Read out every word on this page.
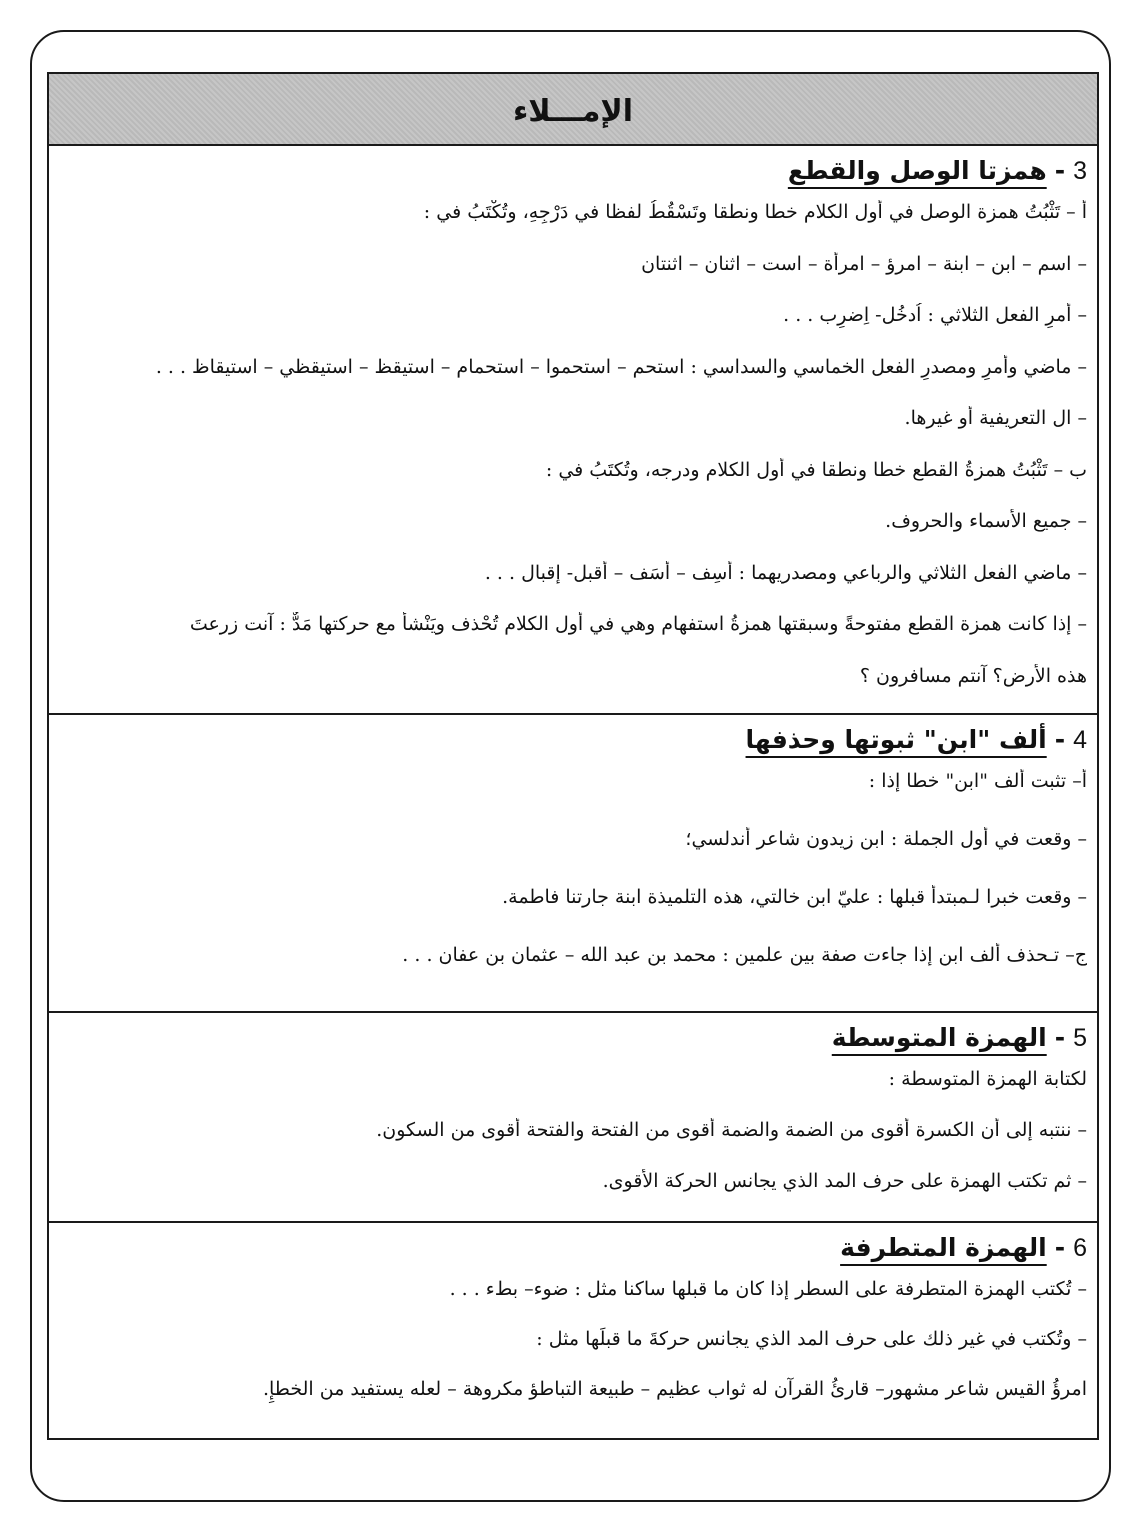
الإمـــلاء
3
-
همزتا الوصل والقطع
أ – تَثْبُتُ همزة الوصل في أول الكلام خطا ونطقا وتَسْقُطُ لفظا في دَرْجِهِ، وتُكْتَبُ في :
– اسم – ابن – ابنة – امرؤ – امرأة – است – اثنان – اثنتان
– أمرِ الفعل الثلاثي : اُدخُل- اِضرِب . . .
– ماضي وأمرِ ومصدرِ الفعل الخماسي والسداسي : استحم – استحموا – استحمام – استيقظ – استيقظي – استيقاظ . . .
– ال التعريفية أو غيرها.
ب – تَثْبُتُ همزةُ القطع خطا ونطقا في أول الكلام ودرجه، وتُكتَبُ في :
– جميع الأسماء والحروف.
– ماضي الفعل الثلاثي والرباعي ومصدريهما : أسِف – أسَف – أقبل- إقبال . . .
– إذا كانت همزة القطع مفتوحةً وسبقتها همزةُ استفهام وهي في أول الكلام تُحْذف ويَنْشأُ مع حركتها مَدٌّ : آنت زرعتَ
هذه الأرض؟ آنتم مسافرون ؟
4
-
ألف "ابن" ثبوتها وحذفها
أ– تثبت ألف "ابن" خطا إذا :
– وقعت في أول الجملة : ابن زيدون شاعر أندلسي؛
– وقعت خبرا لـمبتدأ قبلها : عليّ ابن خالتي، هذه التلميذة ابنة جارتنا فاطمة.
ج– تـحذف ألف ابن إذا جاءت صفة بين علمين : محمد بن عبد الله – عثمان بن عفان . . .
5
-
الهمزة المتوسطة
لكتابة الهمزة المتوسطة :
– ننتبه إلى أن الكسرة أقوى من الضمة والضمة أقوى من الفتحة والفتحة أقوى من السكون.
– ثم تكتب الهمزة على حرف المد الذي يجانس الحركة الأقوى.
6
-
الهمزة المتطرفة
– تُكتب الهمزة المتطرفة على السطر إذا كان ما قبلها ساكنا مثل : ضوء– بطء . . .
– وتُكتب في غير ذلك على حرف المد الذي يجانس حركةَ ما قبلَها مثل :
امرؤُ القيس شاعر مشهور– قارئُ القرآن له ثواب عظيم – طبيعة التباطؤ مكروهة – لعله يستفيد من الخطإِ.
